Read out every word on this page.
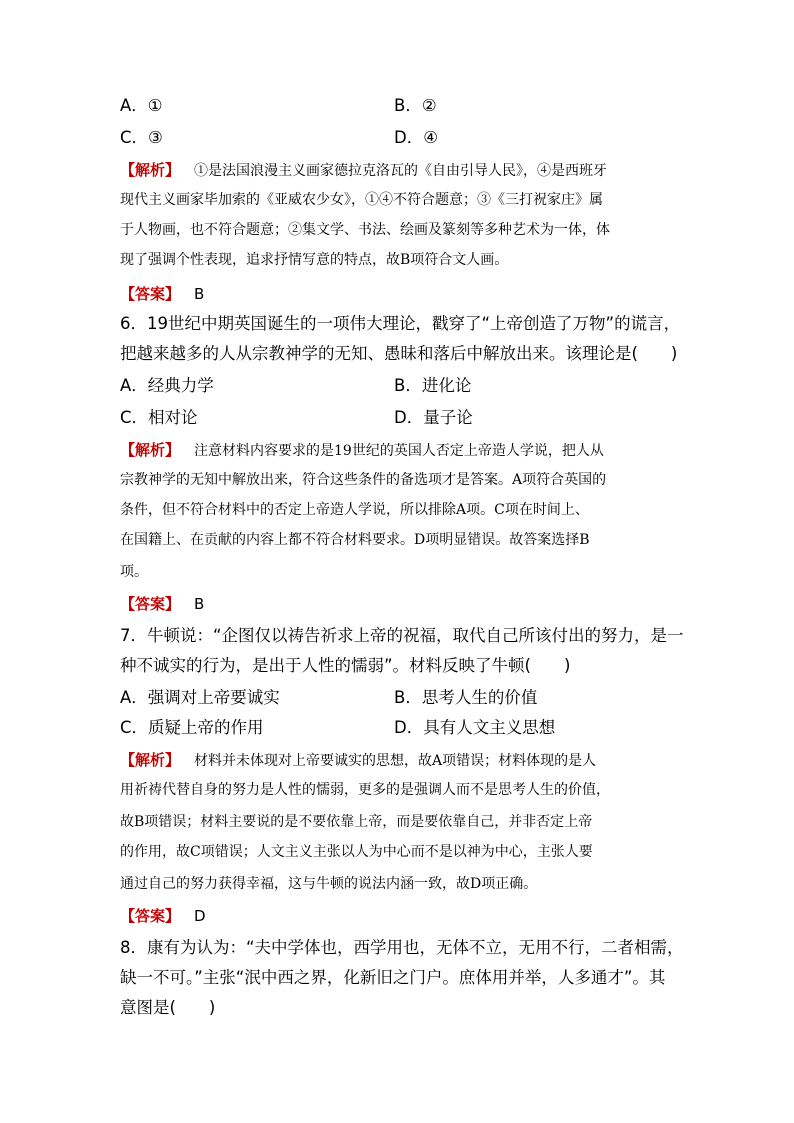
A．①	B．②
C．③	D．④
【解析】 ①是法国浪漫主义画家德拉克洛瓦的《自由引导人民》，④是西班牙
现代主义画家毕加索的《亚威农少女》，①④不符合题意；③《三打祝家庄》属
于人物画，也不符合题意；②集文学、书法、绘画及篆刻等多种艺术为一体，体
现了强调个性表现，追求抒情写意的特点，故B项符合文人画。
【答案】 B
6．19世纪中期英国诞生的一项伟大理论，戳穿了“上帝创造了万物”的谎言，
把越来越多的人从宗教神学的无知、愚昧和落后中解放出来。该理论是(　　)
A．经典力学	B．进化论
C．相对论	D．量子论
【解析】 注意材料内容要求的是19世纪的英国人否定上帝造人学说，把人从
宗教神学的无知中解放出来，符合这些条件的备选项才是答案。A项符合英国的
条件，但不符合材料中的否定上帝造人学说，所以排除A项。C项在时间上、
在国籍上、在贡献的内容上都不符合材料要求。D项明显错误。故答案选择B
项。
【答案】 B
7．牛顿说：“企图仅以祷告祈求上帝的祝福，取代自己所该付出的努力，是一
种不诚实的行为，是出于人性的懦弱”。材料反映了牛顿(　　)
A．强调对上帝要诚实	B．思考人生的价值
C．质疑上帝的作用	D．具有人文主义思想
【解析】 材料并未体现对上帝要诚实的思想，故A项错误；材料体现的是人
用祈祷代替自身的努力是人性的懦弱，更多的是强调人而不是思考人生的价值，
故B项错误；材料主要说的是不要依靠上帝，而是要依靠自己，并非否定上帝
的作用，故C项错误；人文主义主张以人为中心而不是以神为中心，主张人要
通过自己的努力获得幸福，这与牛顿的说法内涵一致，故D项正确。
【答案】 D
8．康有为认为：“夫中学体也，西学用也，无体不立，无用不行，二者相需，
缺一不可。”主张“泯中西之界，化新旧之门户。庶体用并举，人多通才”。其
意图是(　　)
